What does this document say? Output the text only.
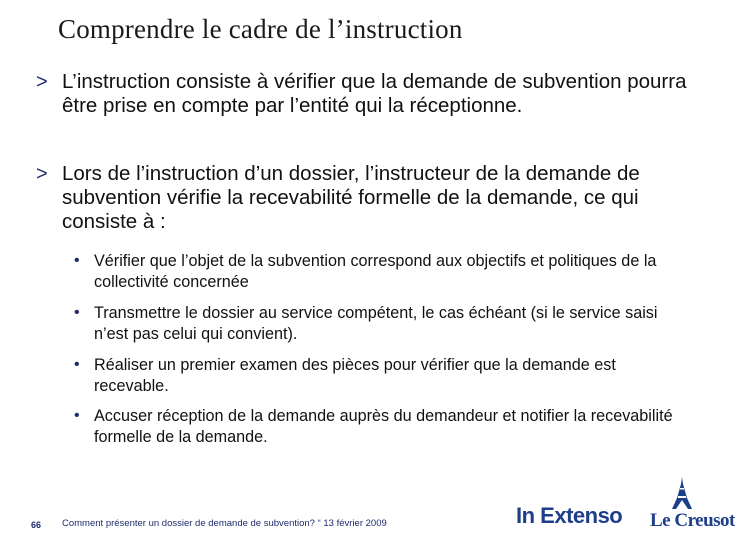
Comprendre le cadre de l’instruction
> L’instruction consiste à vérifier que la demande de subvention pourra être prise en compte par l’entité qui la réceptionne.
> Lors de l’instruction d’un dossier, l’instructeur de la demande de subvention vérifie la recevabilité formelle de la demande, ce qui consiste à :
• Vérifier que l’objet de la subvention correspond aux objectifs et politiques de la collectivité concernée
• Transmettre le dossier au service compétent, le cas échéant (si le service saisi n’est pas celui qui convient).
• Réaliser un premier examen des pièces pour vérifier que la demande est recevable.
• Accuser réception de la demande auprès du demandeur et notifier la recevabilité formelle de la demande.
66 Comment présenter un dossier de demande de subvention? “ 13 février 2009	In Extenso Le Creusot
